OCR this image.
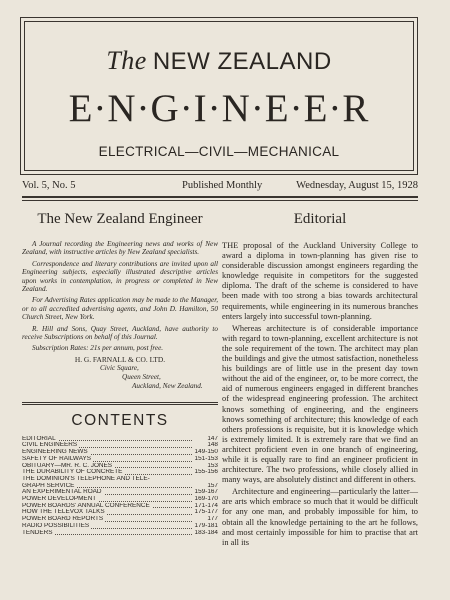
The NEW ZEALAND
E·N·G·I·N·E·E·R
ELECTRICAL—CIVIL—MECHANICAL
Vol. 5, No. 5	Published Monthly	Wednesday, August 15, 1928
The New Zealand Engineer

A Journal recording the Engineering news and works of New Zealand, with instructive articles by New Zealand specialists.

Correspondence and literary contributions are invited upon all Engineering subjects, especially illustrated descriptive articles upon works in contemplation, in progress or completed in New Zealand.

For Advertising Rates application may be made to the Manager, or to all accredited advertising agents, and John D. Hamilton, 50 Church Street, New York.

R. Hill and Sons, Quay Street, Auckland, have authority to receive Subscriptions on behalf of this Journal.

Subscription Rates: 21s per annum, post free.

H. G. FARNALL & CO. LTD.
Civic Square,
Queen Street,
Auckland, New Zealand.
CONTENTS
EDITORIAL	147
CIVIL ENGINEERS	148
ENGINEERING NEWS	149-150
SAFETY OF RAILWAYS	151-153
OBITUARY—MR. R. C. JONES	153
THE DURABILITY OF CONCRETE	155-156
THE DOMINION'S TELEPHONE AND TELE-
GRAPH SERVICE	157
AN EXPERIMENTAL ROAD	159-167
POWER DEVELOPMENT	169-170
POWER BOARDS' ANNUAL CONFERENCE	171-174
HOW THE TELEVOX TALKS	175-177
POWER BOARD REPORTS	177
RADIO POSSIBILITIES	179-181
TENDERS	183-184
Editorial

THE proposal of the Auckland University College to award a diploma in town-planning has given rise to considerable discussion amongst engineers regarding the knowledge requisite in competitors for the suggested diploma. The draft of the scheme is considered to have been made with too strong a bias towards architectural requirements, while engineering in its numerous branches enters largely into successful town-planning.

Whereas architecture is of considerable importance with regard to town-planning, excellent architecture is not the sole requirement of the town. The architect may plan the buildings and give the utmost satisfaction, nonetheless his buildings are of little use in the present day town without the aid of the engineer, or, to be more correct, the aid of numerous engineers engaged in different branches of the widespread engineering profession. The architect knows something of engineering, and the engineers knows something of architecture; this knowledge of each others professions is requisite, but it is knowledge which is extremely limited. It is extremely rare that we find an architect proficient even in one branch of engineering, while it is equally rare to find an engineer proficient in architecture. The two professions, while closely allied in many ways, are absolutely distinct and different in others.

Architecture and engineering—particularly the latter—are arts which embrace so much that it would be difficult for any one man, and probably impossible for him, to obtain all the knowledge pertaining to the art he follows, and most certainly impossible for him to practise that art in all its
